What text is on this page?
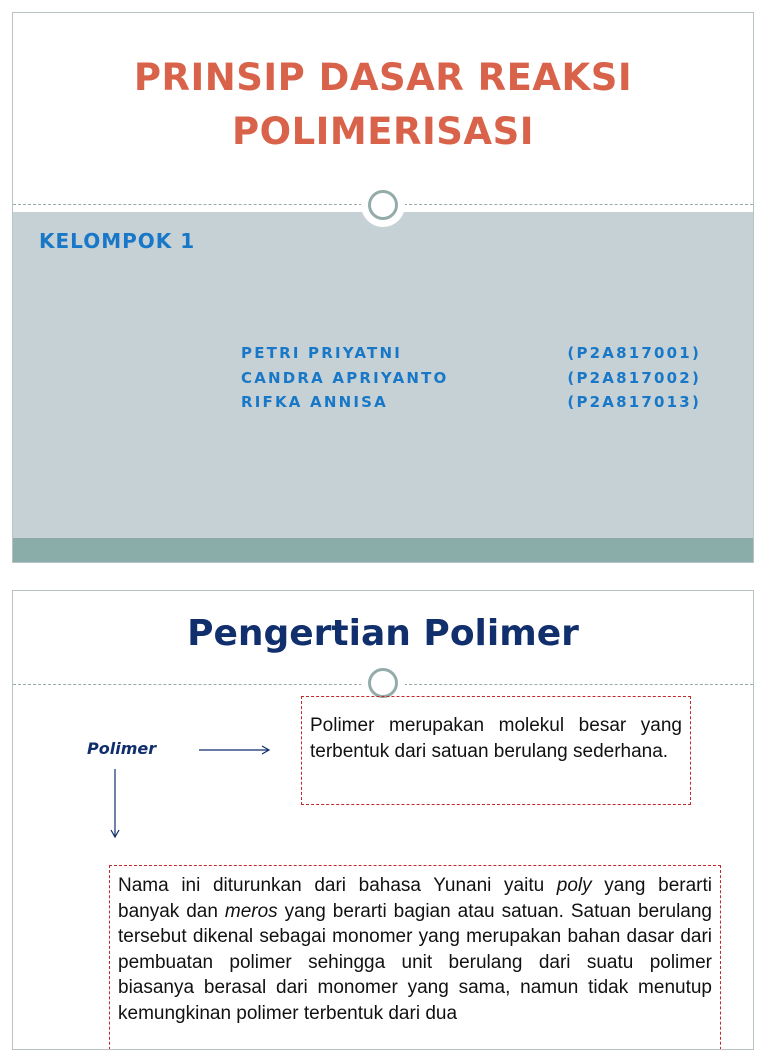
PRINSIP DASAR REAKSI
POLIMERISASI
KELOMPOK 1
PETRI PRIYATNI	(P2A817001)
CANDRA APRIYANTO	(P2A817002)
RIFKA ANNISA	(P2A817013)
Pengertian Polimer
Polimer
Polimer merupakan molekul besar yang terbentuk dari satuan berulang sederhana.
Nama ini diturunkan dari bahasa Yunani yaitu poly yang berarti banyak dan meros yang berarti bagian atau satuan. Satuan berulang tersebut dikenal sebagai monomer yang merupakan bahan dasar dari pembuatan polimer sehingga unit berulang dari suatu polimer biasanya berasal dari monomer yang sama, namun tidak menutup kemungkinan polimer terbentuk dari dua
